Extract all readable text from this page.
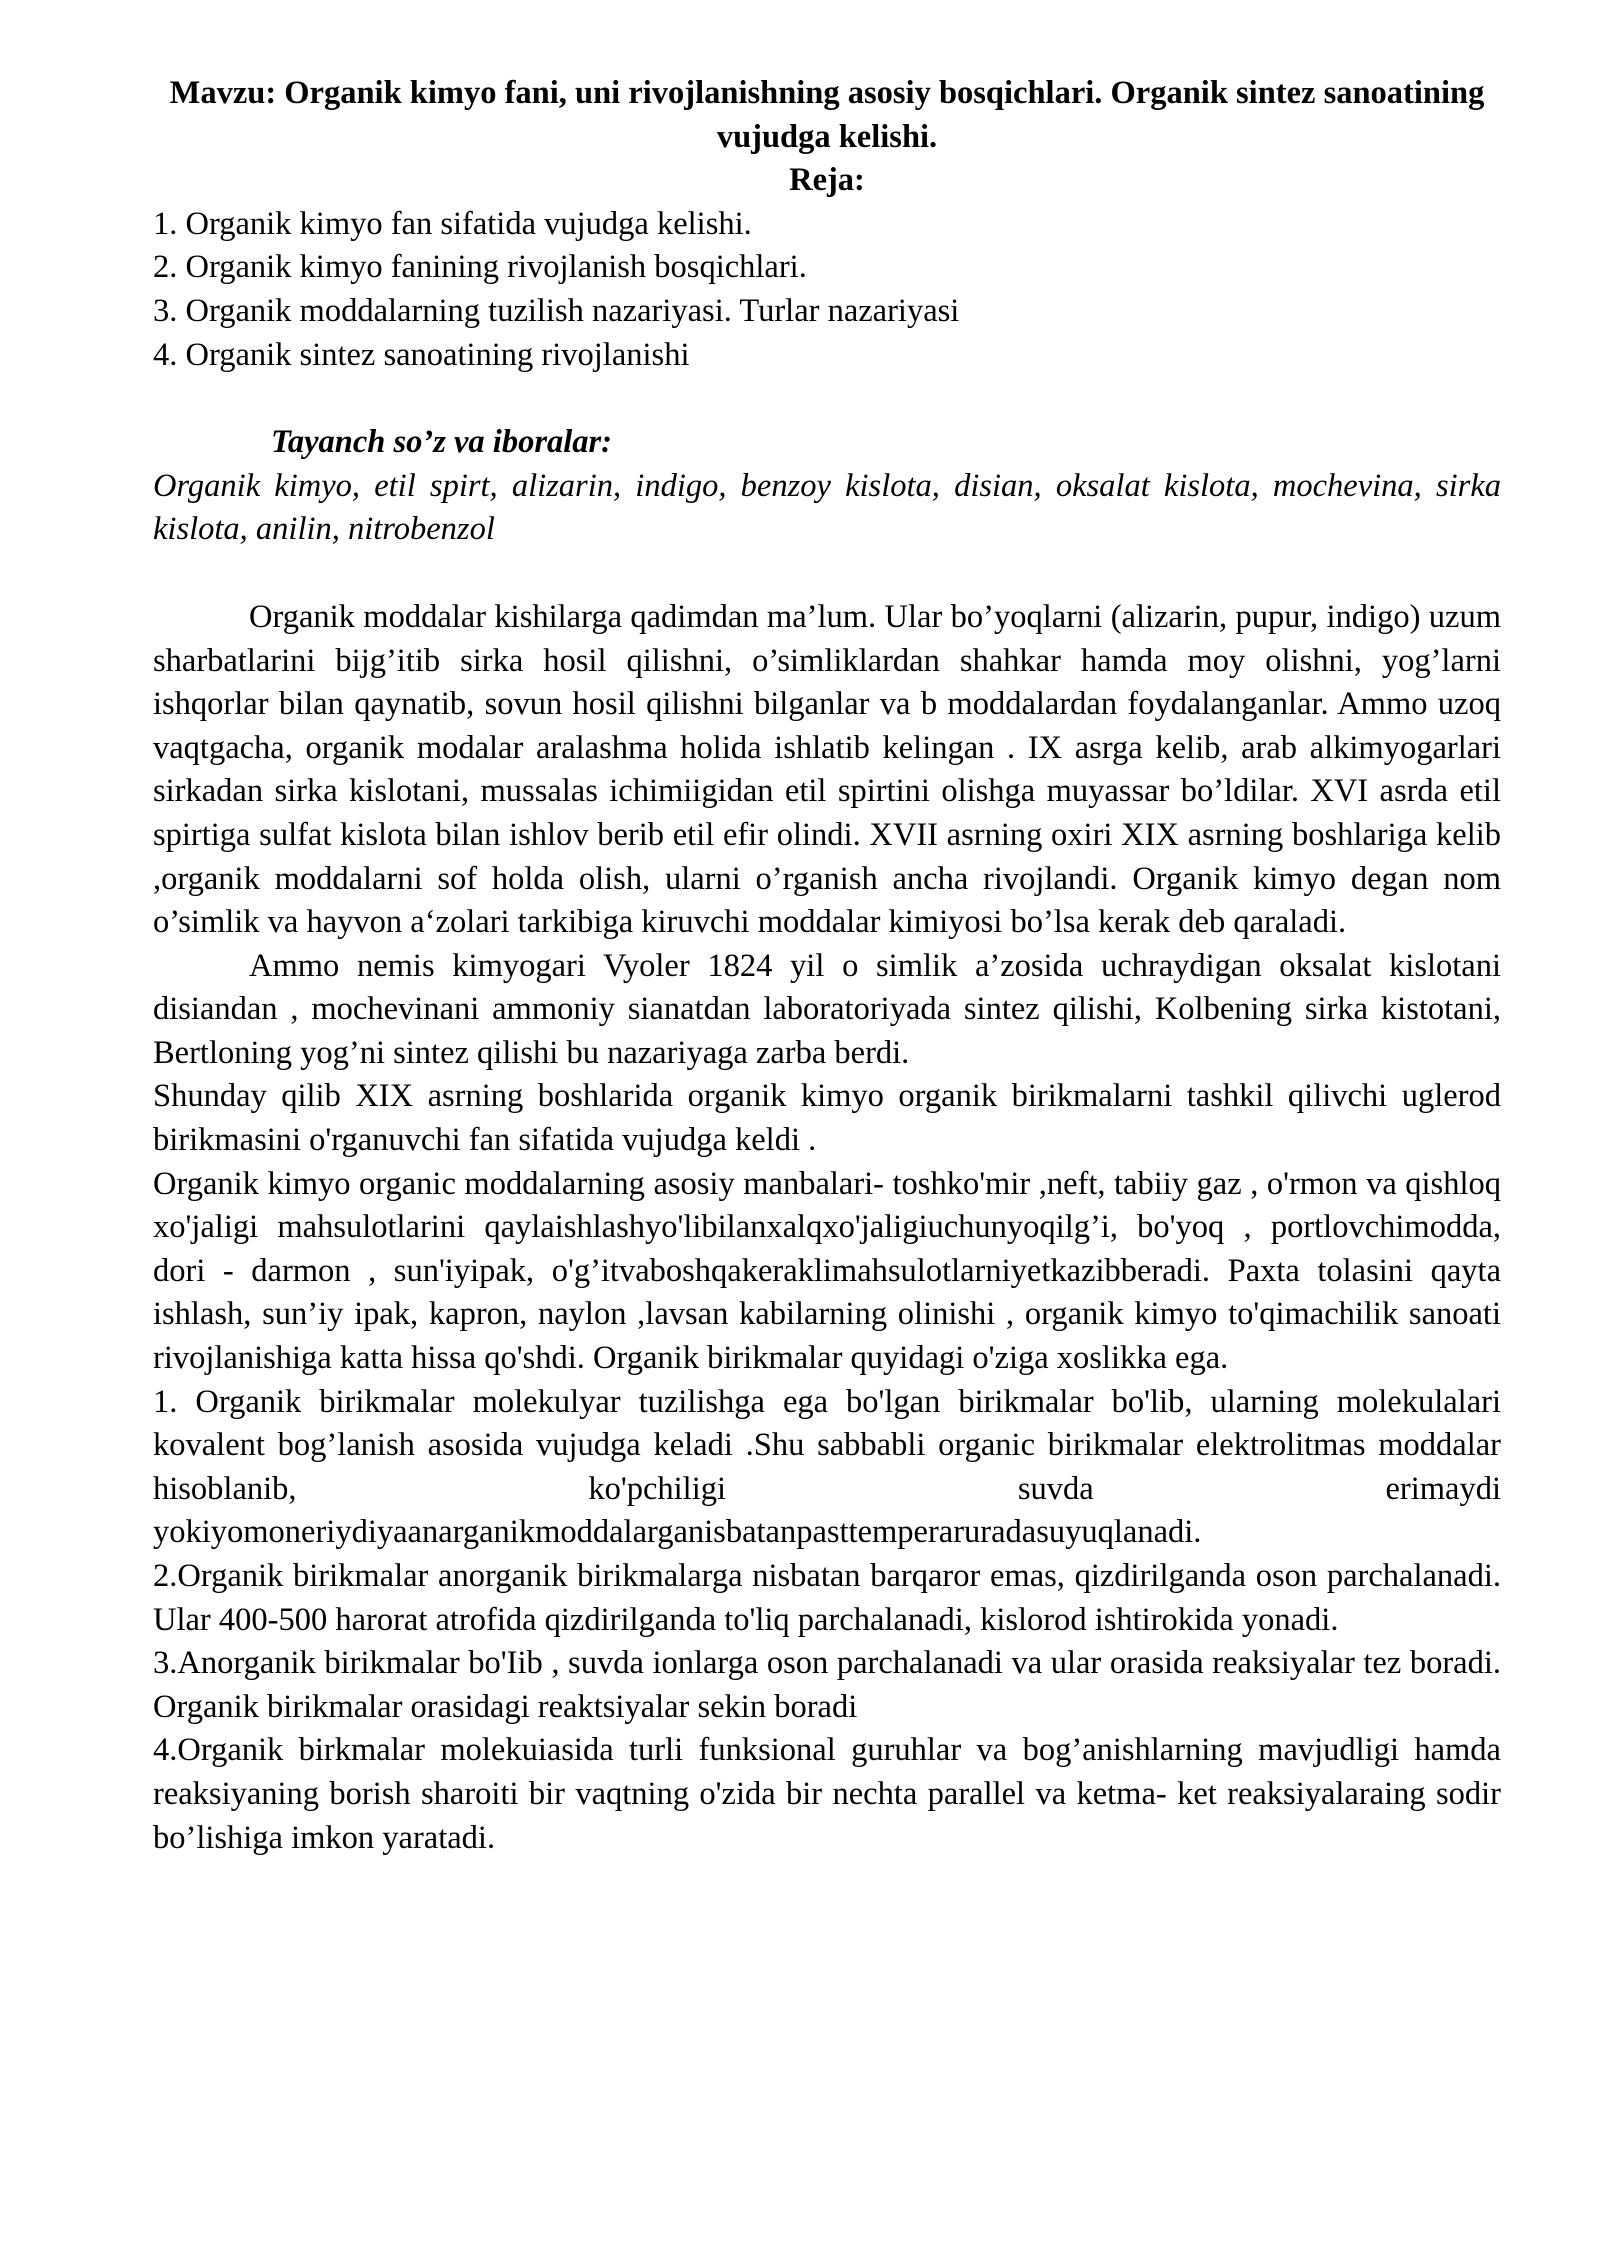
Mavzu: Organik kimyo fani, uni rivojlanishning asosiy bosqichlari. Organik sintez sanoatining vujudga kelishi.

Reja:

1. Organik kimyo fan sifatida vujudga kelishi.
2. Organik kimyo fanining rivojlanish bosqichlari.
3. Organik moddalarning tuzilish nazariyasi. Turlar nazariyasi
4. Organik sintez sanoatining rivojlanishi

Tayanch so’z va iboralar:

Organik kimyo, etil spirt, alizarin, indigo, benzoy kislota, disian, oksalat kislota, mochevina, sirka kislota, anilin, nitrobenzol

Organik moddalar kishilarga qadimdan ma’lum. Ular bo’yoqlarni (alizarin, pupur, indigo) uzum sharbatlarini bijg’itib sirka hosil qilishni, o’simliklardan shahkar hamda moy olishni, yog’larni ishqorlar bilan qaynatib, sovun hosil qilishni bilganlar va b moddalardan foydalanganlar. Ammo uzoq vaqtgacha, organik modalar aralashma holida ishlatib kelingan . IX asrga kelib, arab alkimyogarlari sirkadan sirka kislotani, mussalas ichimiigidan etil spirtini olishga muyassar bo’ldilar. XVI asrda etil spirtiga sulfat kislota bilan ishlov berib etil efir olindi. XVII asrning oxiri XIX asrning boshlariga kelib ,organik moddalarni sof holda olish, ularni o’rganish ancha rivojlandi. Organik kimyo degan nom o’simlik va hayvon a‘zolari tarkibiga kiruvchi moddalar kimiyosi bo’lsa kerak deb qaraladi.

Ammo nemis kimyogari Vyoler 1824 yil o simlik a’zosida uchraydigan oksalat kislotani disiandan , mochevinani ammoniy sianatdan laboratoriyada sintez qilishi, Kolbening sirka kistotani, Bertloning yog’ni sintez qilishi bu nazariyaga zarba berdi.

Shunday qilib XIX asrning boshlarida organik kimyo organik birikmalarni tashkil qilivchi uglerod birikmasini o'rganuvchi fan sifatida vujudga keldi .

Organik kimyo organic moddalarning asosiy manbalari- toshko'mir ,neft, tabiiy gaz , o'rmon va qishloq xo'jaligi mahsulotlarini qaylaishlashyo'libilanxalqxo'jaligiuchunyoqilg’i, bo'yoq , portlovchimodda, dori - darmon , sun'iyipak, o'g’itvaboshqakeraklimahsulotlarniyetkazibberadi. Paxta tolasini qayta ishlash, sun’iy ipak, kapron, naylon ,lavsan kabilarning olinishi , organik kimyo to'qimachilik sanoati rivojlanishiga katta hissa qo'shdi. Organik birikmalar quyidagi o'ziga xoslikka ega.

1. Organik birikmalar molekulyar tuzilishga ega bo'lgan birikmalar bo'lib, ularning molekulalari kovalent bog’lanish asosida vujudga keladi .Shu sabbabli organic birikmalar elektrolitmas moddalar hisoblanib, ko'pchiligi suvda erimaydi yokiyomoneriydiyaanarganikmoddalarganisbatanpasttemperaruradasuyuqlanadi.

2.Organik birikmalar anorganik birikmalarga nisbatan barqaror emas, qizdirilganda oson parchalanadi. Ular 400-500 harorat atrofida qizdirilganda to'liq parchalanadi, kislorod ishtirokida yonadi.

3.Anorganik birikmalar bo'Iib , suvda ionlarga oson parchalanadi va ular orasida reaksiyalar tez boradi. Organik birikmalar orasidagi reaktsiyalar sekin boradi

4.Organik birkmalar molekuiasida turli funksional guruhlar va bog’anishlarning mavjudligi hamda reaksiyaning borish sharoiti bir vaqtning o'zida bir nechta parallel va ketma- ket reaksiyalaraing sodir bo’lishiga imkon yaratadi.
